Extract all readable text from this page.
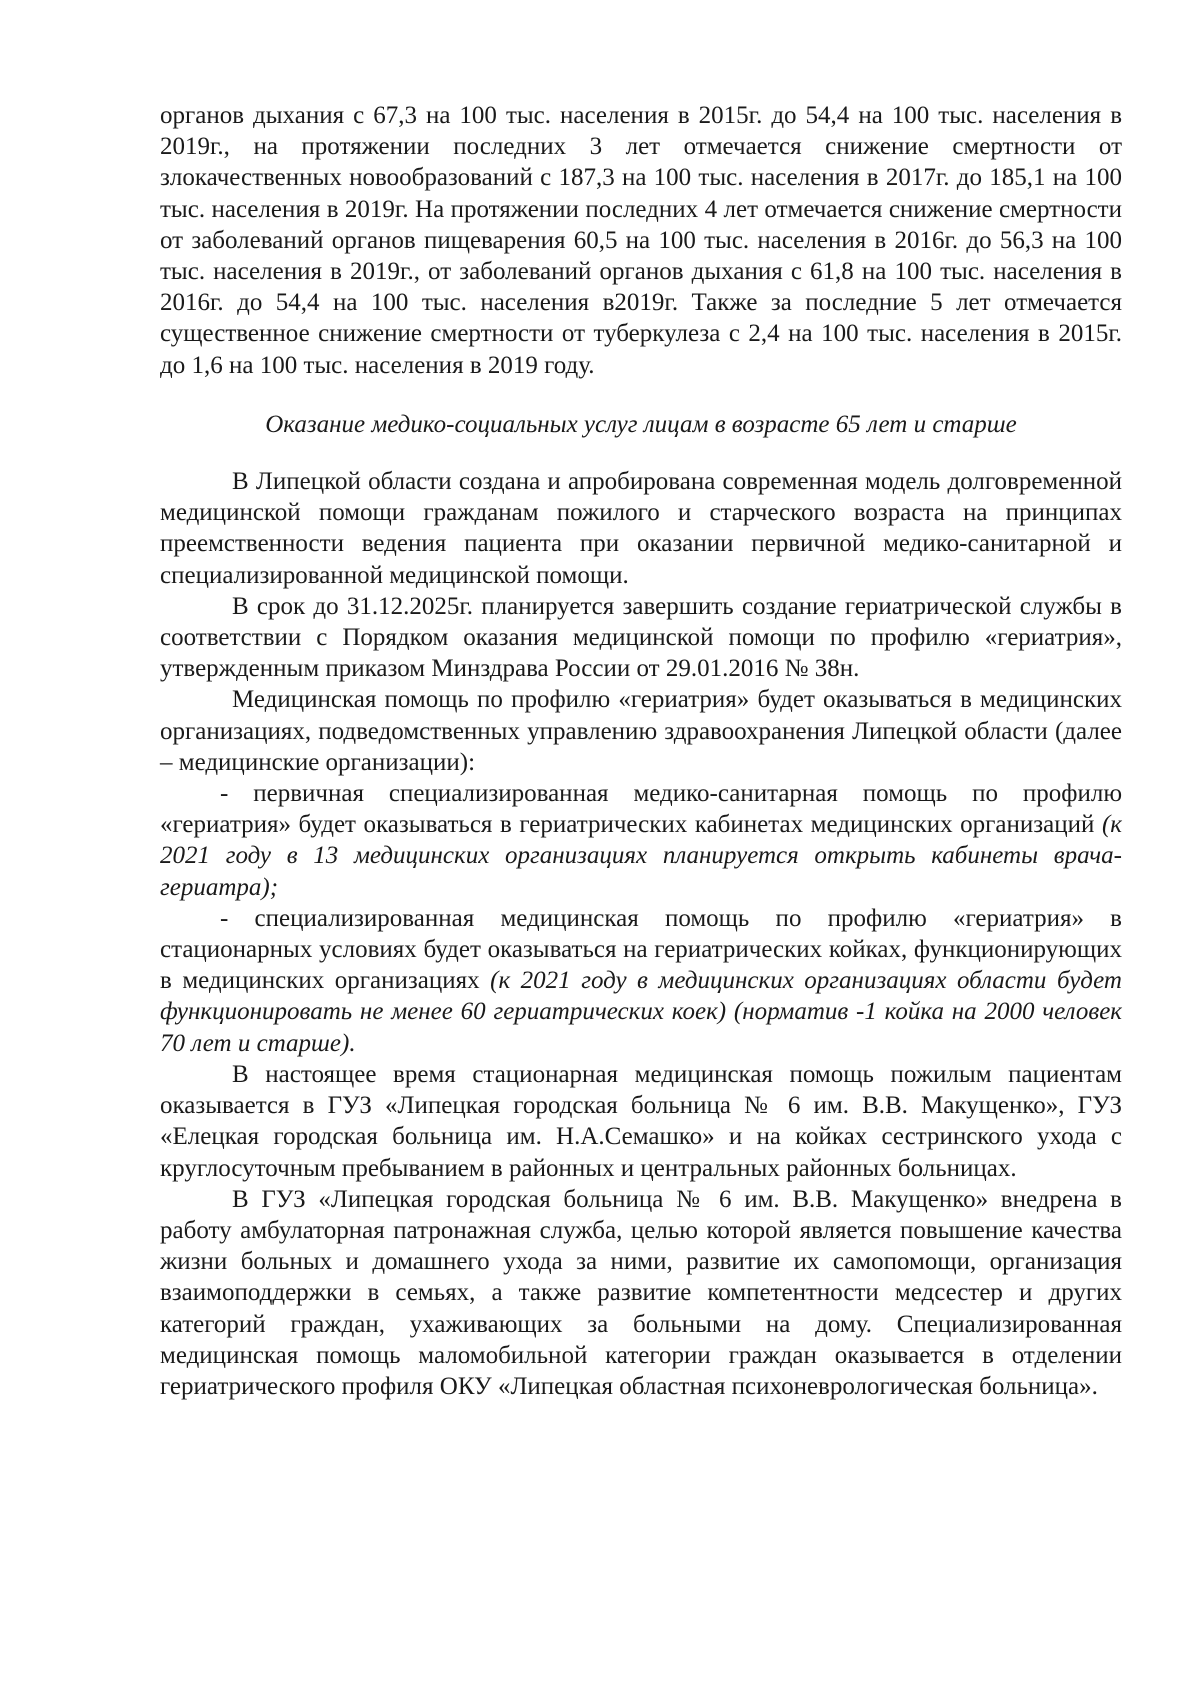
органов дыхания с 67,3 на 100 тыс. населения в 2015г. до 54,4 на 100 тыс. населения в 2019г., на протяжении последних 3 лет отмечается снижение смертности от злокачественных новообразований с 187,3 на 100 тыс. населения в 2017г. до 185,1 на 100 тыс. населения в 2019г. На протяжении последних 4 лет отмечается снижение смертности от заболеваний органов пищеварения 60,5 на 100 тыс. населения в 2016г. до 56,3 на 100 тыс. населения в 2019г., от заболеваний органов дыхания с 61,8 на 100 тыс. населения в 2016г. до 54,4 на 100 тыс. населения в2019г. Также за последние 5 лет отмечается существенное снижение смертности от туберкулеза с 2,4 на 100 тыс. населения в 2015г. до 1,6 на 100 тыс. населения в 2019 году.

Оказание медико-социальных услуг лицам в возрасте 65 лет и старше

В Липецкой области создана и апробирована современная модель долговременной медицинской помощи гражданам пожилого и старческого возраста на принципах преемственности ведения пациента при оказании первичной медико-санитарной и специализированной медицинской помощи.

В срок до 31.12.2025г. планируется завершить создание гериатрической службы в соответствии с Порядком оказания медицинской помощи по профилю «гериатрия», утвержденным приказом Минздрава России от 29.01.2016 № 38н.

Медицинская помощь по профилю «гериатрия» будет оказываться в медицинских организациях, подведомственных управлению здравоохранения Липецкой области (далее – медицинские организации):

- первичная специализированная медико-санитарная помощь по профилю «гериатрия» будет оказываться в гериатрических кабинетах медицинских организаций (к 2021 году в 13 медицинских организациях планируется открыть кабинеты врача-гериатра);

- специализированная медицинская помощь по профилю «гериатрия» в стационарных условиях будет оказываться на гериатрических койках, функционирующих в медицинских организациях (к 2021 году в медицинских организациях области будет функционировать не менее 60 гериатрических коек) (норматив -1 койка на 2000 человек 70 лет и старше).

В настоящее время стационарная медицинская помощь пожилым пациентам оказывается в ГУЗ «Липецкая городская больница № 6 им. В.В. Макущенко», ГУЗ «Елецкая городская больница им. Н.А.Семашко» и на койках сестринского ухода с круглосуточным пребыванием в районных и центральных районных больницах.

В ГУЗ «Липецкая городская больница № 6 им. В.В. Макущенко» внедрена в работу амбулаторная патронажная служба, целью которой является повышение качества жизни больных и домашнего ухода за ними, развитие их самопомощи, организация взаимоподдержки в семьях, а также развитие компетентности медсестер и других категорий граждан, ухаживающих за больными на дому. Специализированная медицинская помощь маломобильной категории граждан оказывается в отделении гериатрического профиля ОКУ «Липецкая областная психоневрологическая больница».
